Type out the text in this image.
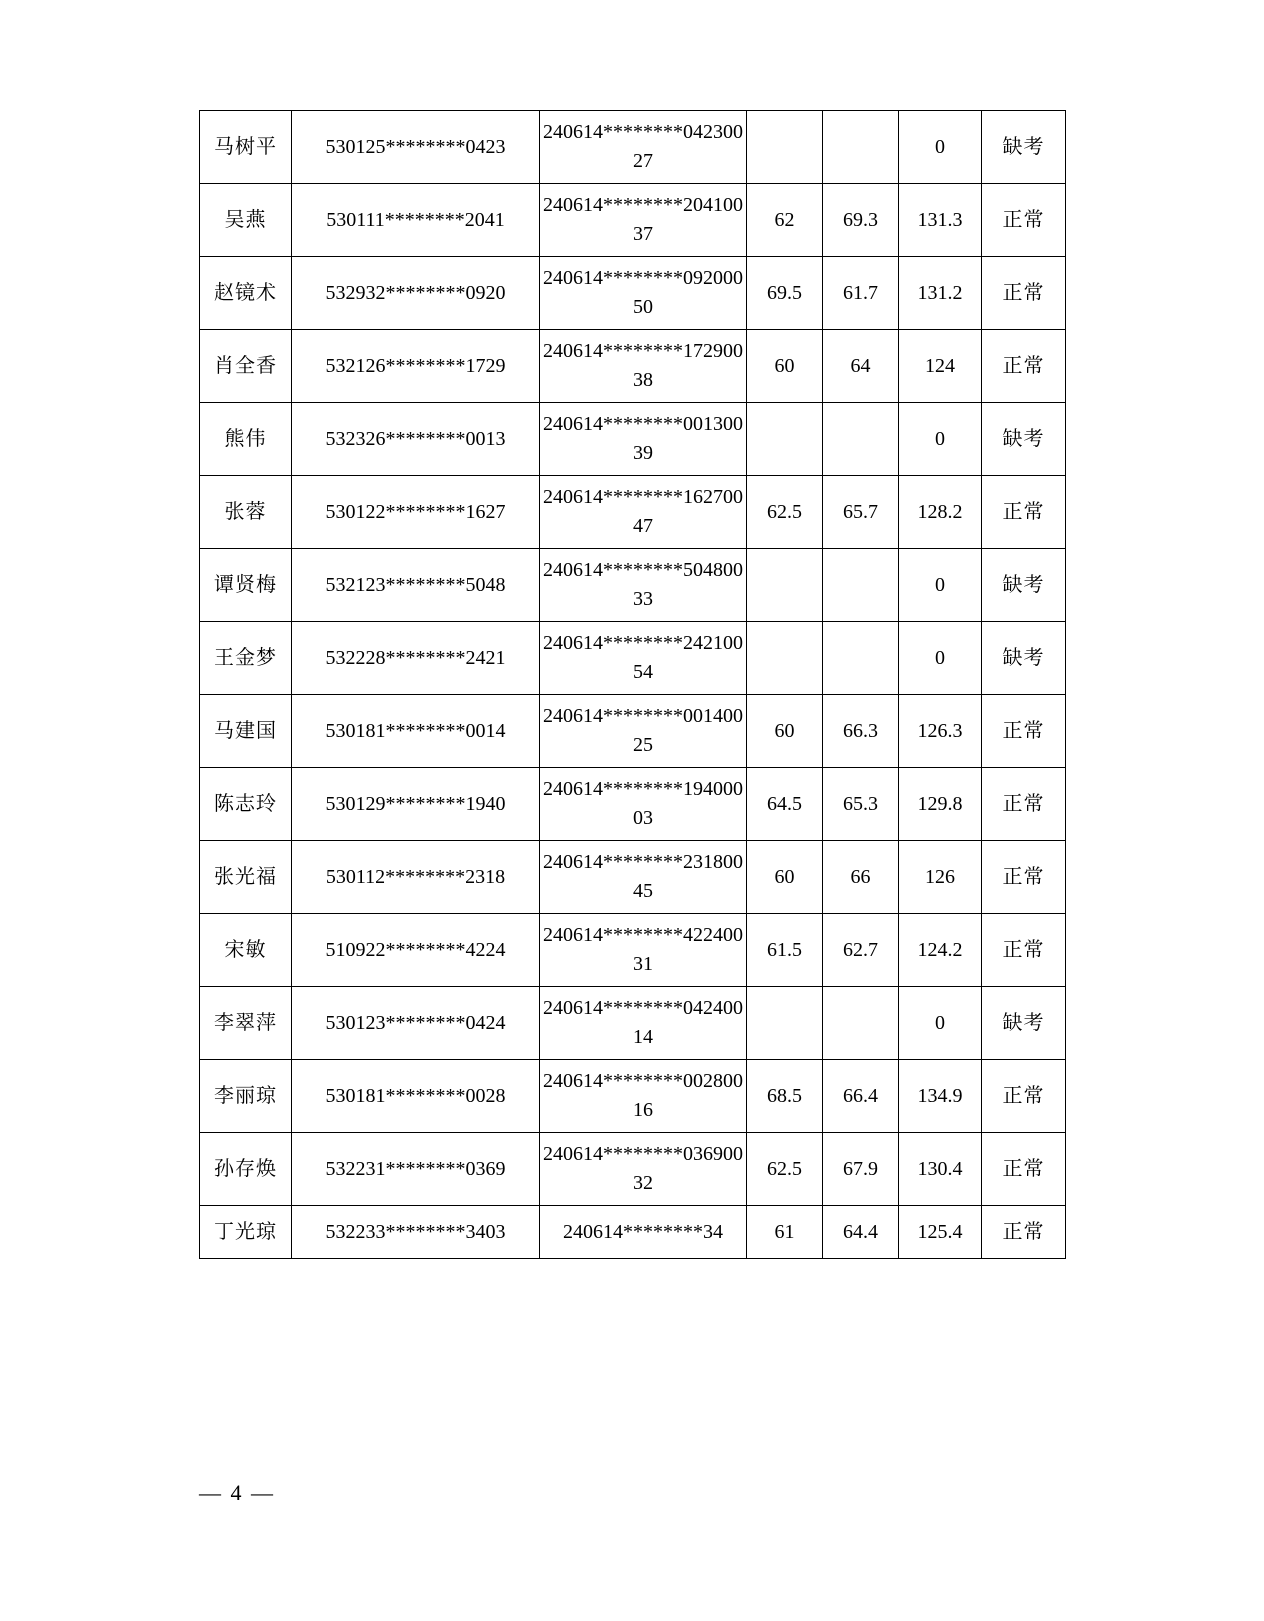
马树平	530125********0423	240614********04230027			0	缺考
吴燕	530111********2041	240614********20410037	62	69.3	131.3	正常
赵镜术	532932********0920	240614********09200050	69.5	61.7	131.2	正常
肖全香	532126********1729	240614********17290038	60	64	124	正常
熊伟	532326********0013	240614********00130039			0	缺考
张蓉	530122********1627	240614********16270047	62.5	65.7	128.2	正常
谭贤梅	532123********5048	240614********50480033			0	缺考
王金梦	532228********2421	240614********24210054			0	缺考
马建国	530181********0014	240614********00140025	60	66.3	126.3	正常
陈志玲	530129********1940	240614********19400003	64.5	65.3	129.8	正常
张光福	530112********2318	240614********23180045	60	66	126	正常
宋敏	510922********4224	240614********42240031	61.5	62.7	124.2	正常
李翠萍	530123********0424	240614********04240014			0	缺考
李丽琼	530181********0028	240614********00280016	68.5	66.4	134.9	正常
孙存焕	532231********0369	240614********03690032	62.5	67.9	130.4	正常
丁光琼	532233********3403	240614********34	61	64.4	125.4	正常
— 4 —
